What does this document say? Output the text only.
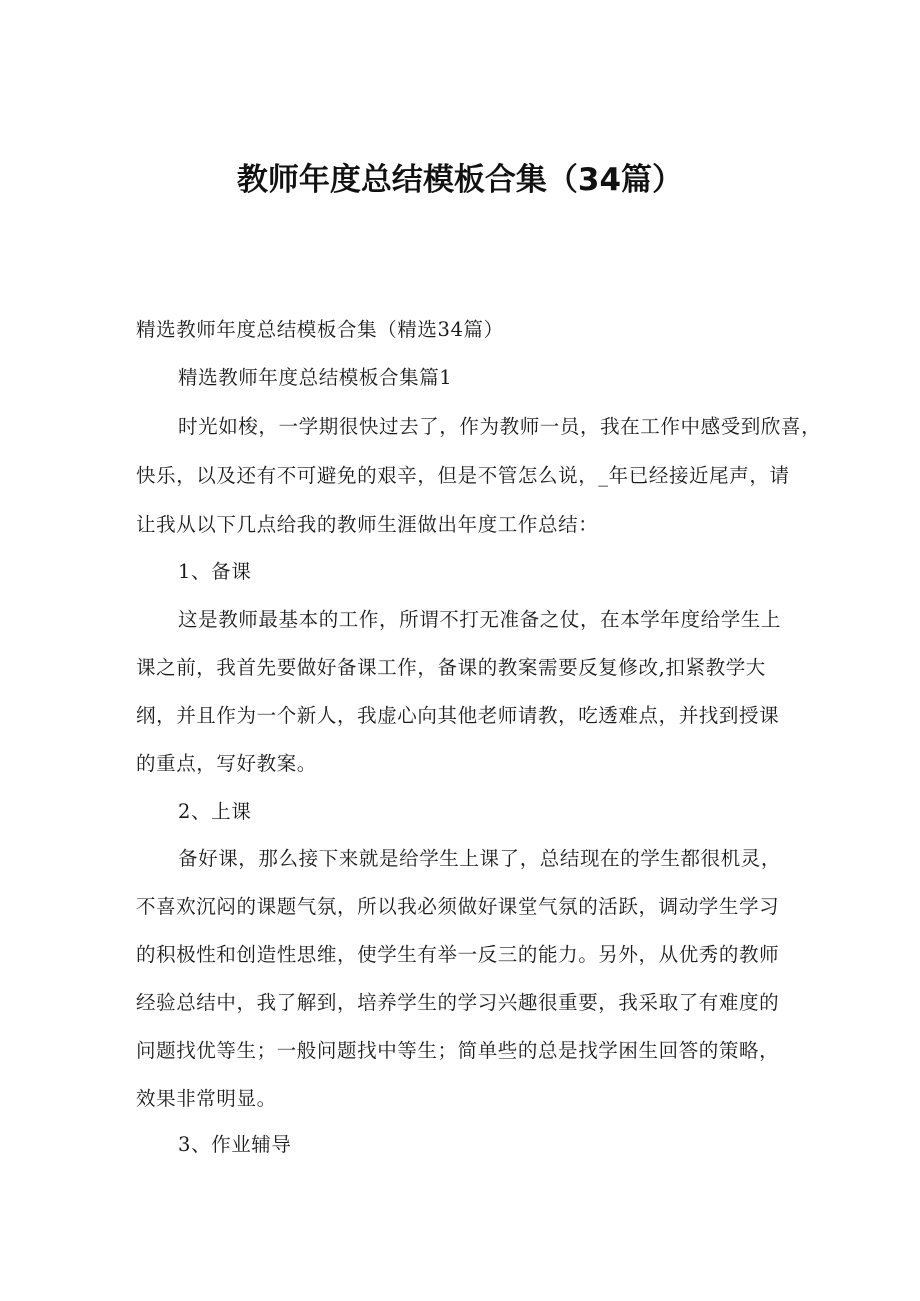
教师年度总结模板合集（34篇）
精选教师年度总结模板合集（精选34篇）
精选教师年度总结模板合集篇1
时光如梭，一学期很快过去了，作为教师一员，我在工作中感受到欣喜，
快乐，以及还有不可避免的艰辛，但是不管怎么说，_年已经接近尾声，请
让我从以下几点给我的教师生涯做出年度工作总结：
1、备课
这是教师最基本的工作，所谓不打无准备之仗，在本学年度给学生上
课之前，我首先要做好备课工作，备课的教案需要反复修改,扣紧教学大
纲，并且作为一个新人，我虚心向其他老师请教，吃透难点，并找到授课
的重点，写好教案。
2、上课
备好课，那么接下来就是给学生上课了，总结现在的学生都很机灵，
不喜欢沉闷的课题气氛，所以我必须做好课堂气氛的活跃，调动学生学习
的积极性和创造性思维，使学生有举一反三的能力。另外，从优秀的教师
经验总结中，我了解到，培养学生的学习兴趣很重要，我采取了有难度的
问题找优等生；一般问题找中等生；简单些的总是找学困生回答的策略，
效果非常明显。
3、作业辅导
